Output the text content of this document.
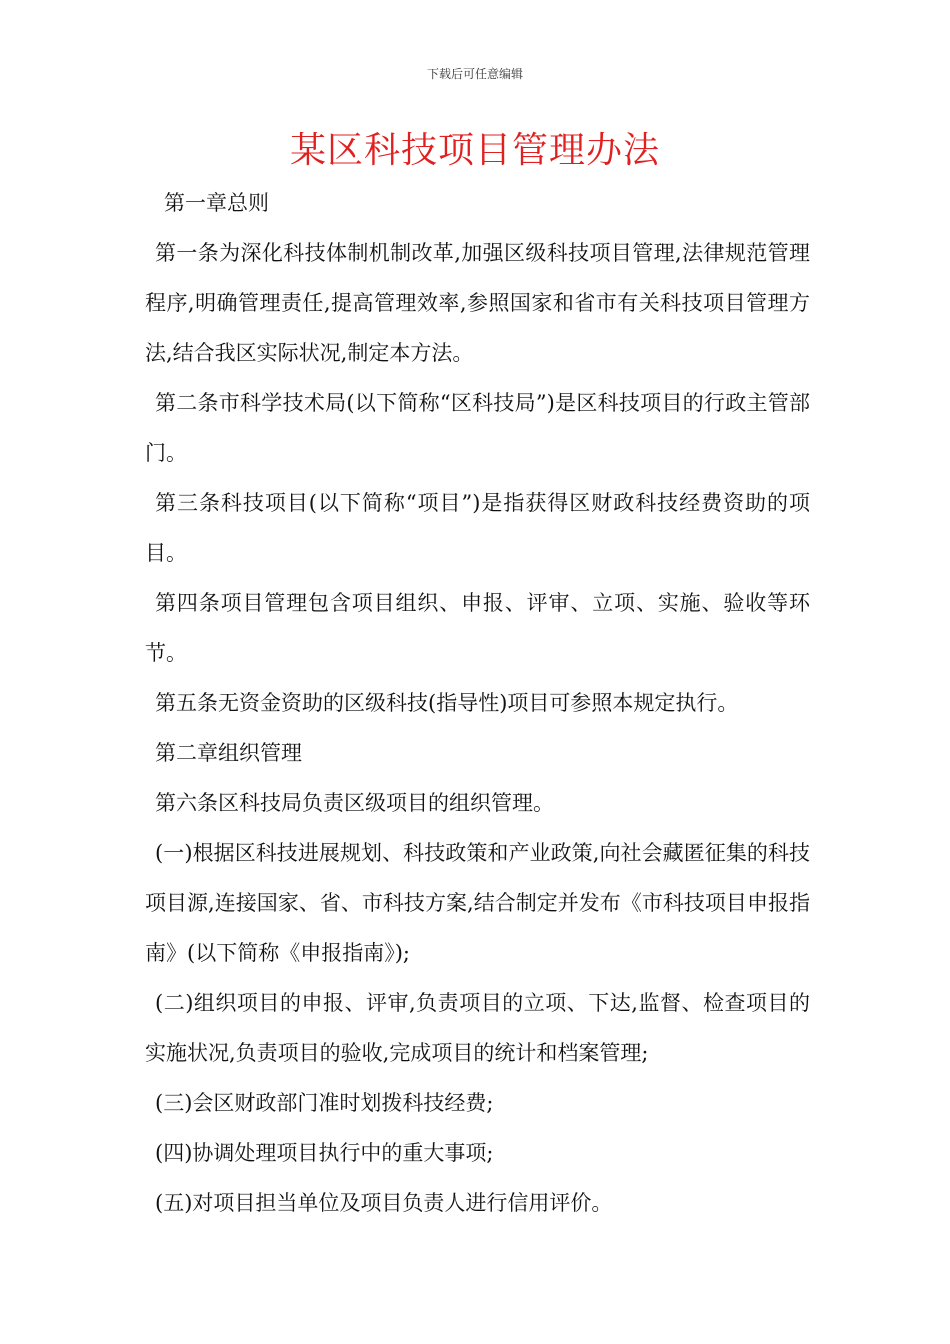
下载后可任意编辑
某区科技项目管理办法

第一章总则

第一条为深化科技体制机制改革,加强区级科技项目管理,法律规范管理程序,明确管理责任,提高管理效率,参照国家和省市有关科技项目管理方法,结合我区实际状况,制定本方法。

第二条市科学技术局(以下简称“区科技局”)是区科技项目的行政主管部门。

第三条科技项目(以下简称“项目”)是指获得区财政科技经费资助的项目。

第四条项目管理包含项目组织、申报、评审、立项、实施、验收等环节。

第五条无资金资助的区级科技(指导性)项目可参照本规定执行。

第二章组织管理

第六条区科技局负责区级项目的组织管理。

(一)根据区科技进展规划、科技政策和产业政策,向社会藏匿征集的科技项目源,连接国家、省、市科技方案,结合制定并发布《市科技项目申报指南》(以下简称《申报指南》);

(二)组织项目的申报、评审,负责项目的立项、下达,监督、检查项目的实施状况,负责项目的验收,完成项目的统计和档案管理;

(三)会区财政部门准时划拨科技经费;

(四)协调处理项目执行中的重大事项;

(五)对项目担当单位及项目负责人进行信用评价。
